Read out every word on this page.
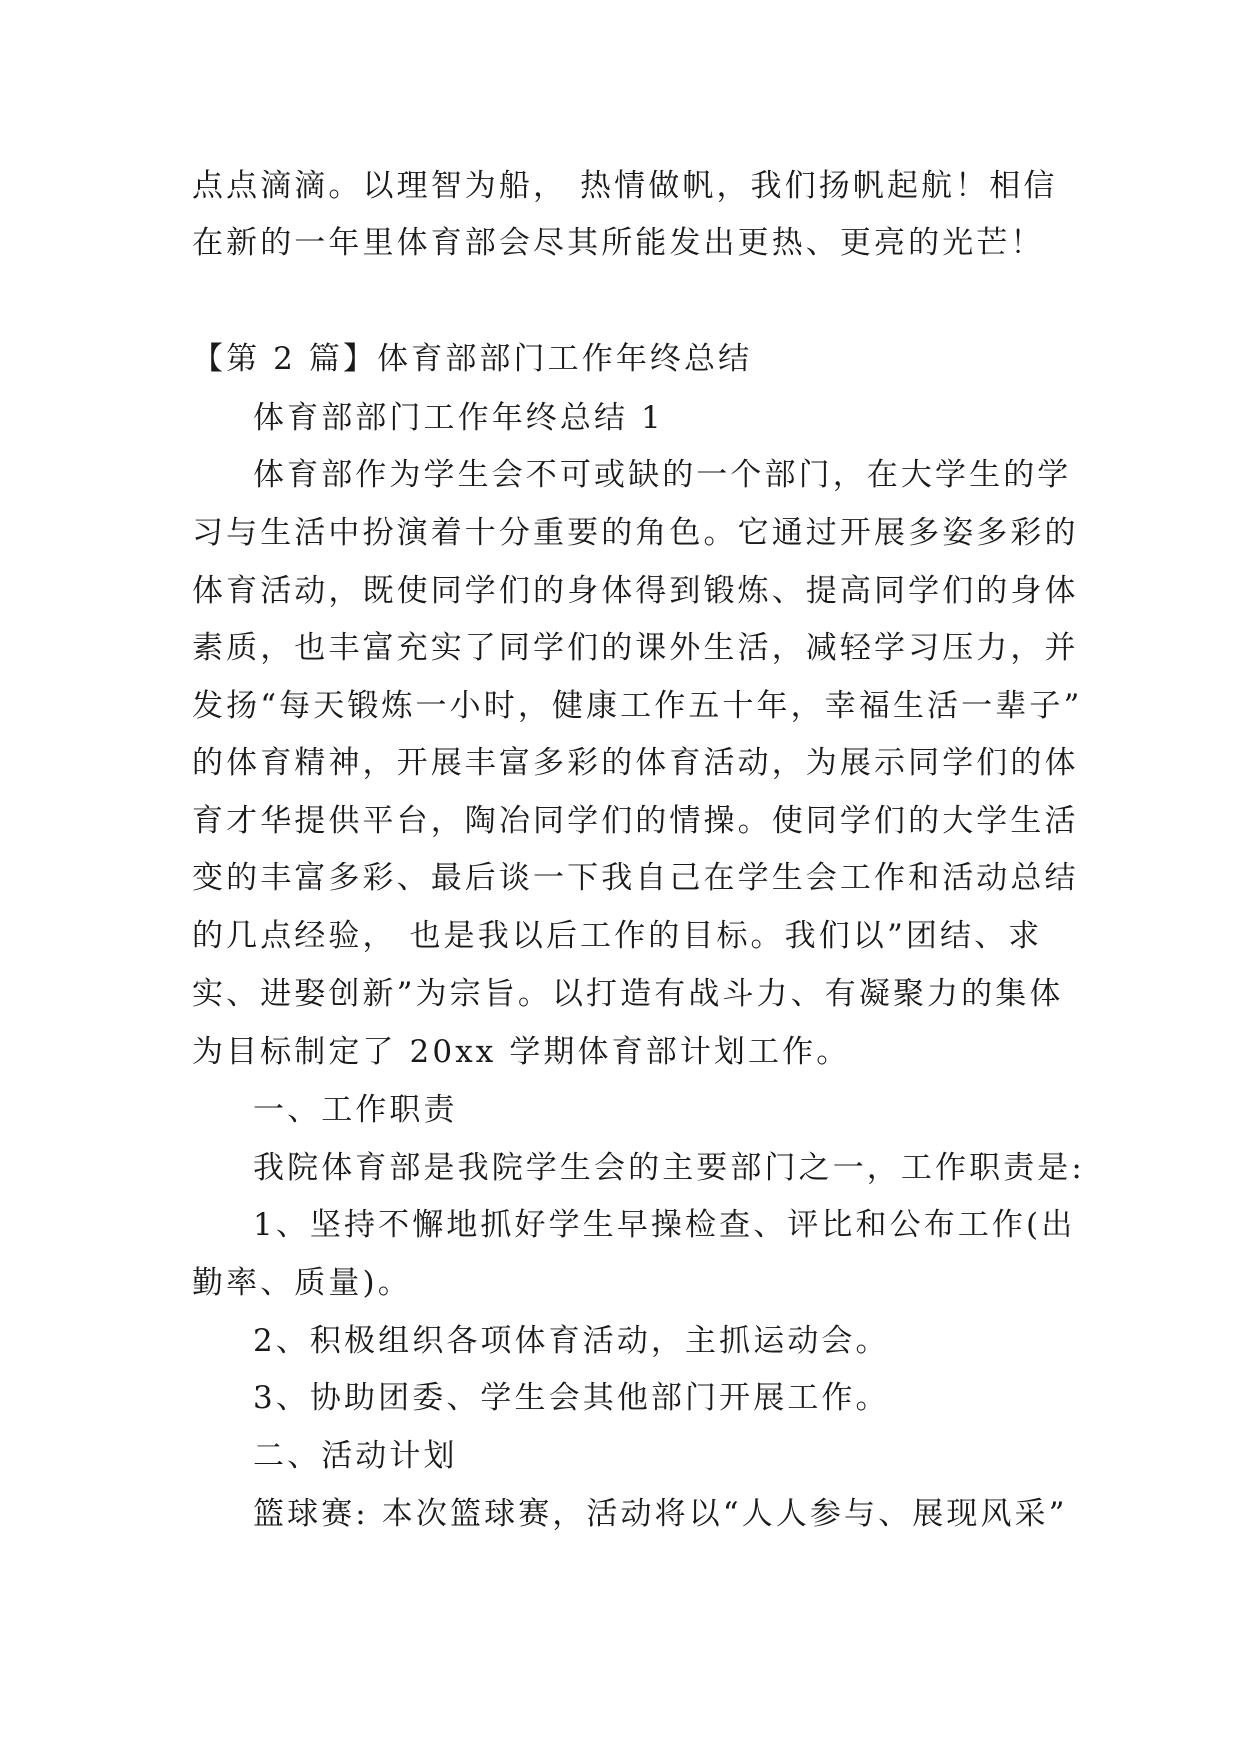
点点滴滴。以理智为船， 热情做帆，我们扬帆起航！相信
在新的一年里体育部会尽其所能发出更热、更亮的光芒！
【第 2 篇】体育部部门工作年终总结
体育部部门工作年终总结 1
体育部作为学生会不可或缺的一个部门，在大学生的学
习与生活中扮演着十分重要的角色。它通过开展多姿多彩的
体育活动，既使同学们的身体得到锻炼、提高同学们的身体
素质，也丰富充实了同学们的课外生活，减轻学习压力，并
发扬“每天锻炼一小时，健康工作五十年，幸福生活一辈子”
的体育精神，开展丰富多彩的体育活动，为展示同学们的体
育才华提供平台，陶冶同学们的情操。使同学们的大学生活
变的丰富多彩、最后谈一下我自己在学生会工作和活动总结
的几点经验， 也是我以后工作的目标。我们以”团结、求
实、进娶创新”为宗旨。以打造有战斗力、有凝聚力的集体
为目标制定了 20xx 学期体育部计划工作。
一、工作职责
我院体育部是我院学生会的主要部门之一，工作职责是:
1、坚持不懈地抓好学生早操检查、评比和公布工作(出
勤率、质量)。
2、积极组织各项体育活动，主抓运动会。
3、协助团委、学生会其他部门开展工作。
二、活动计划
篮球赛: 本次篮球赛，活动将以“人人参与、展现风采”
